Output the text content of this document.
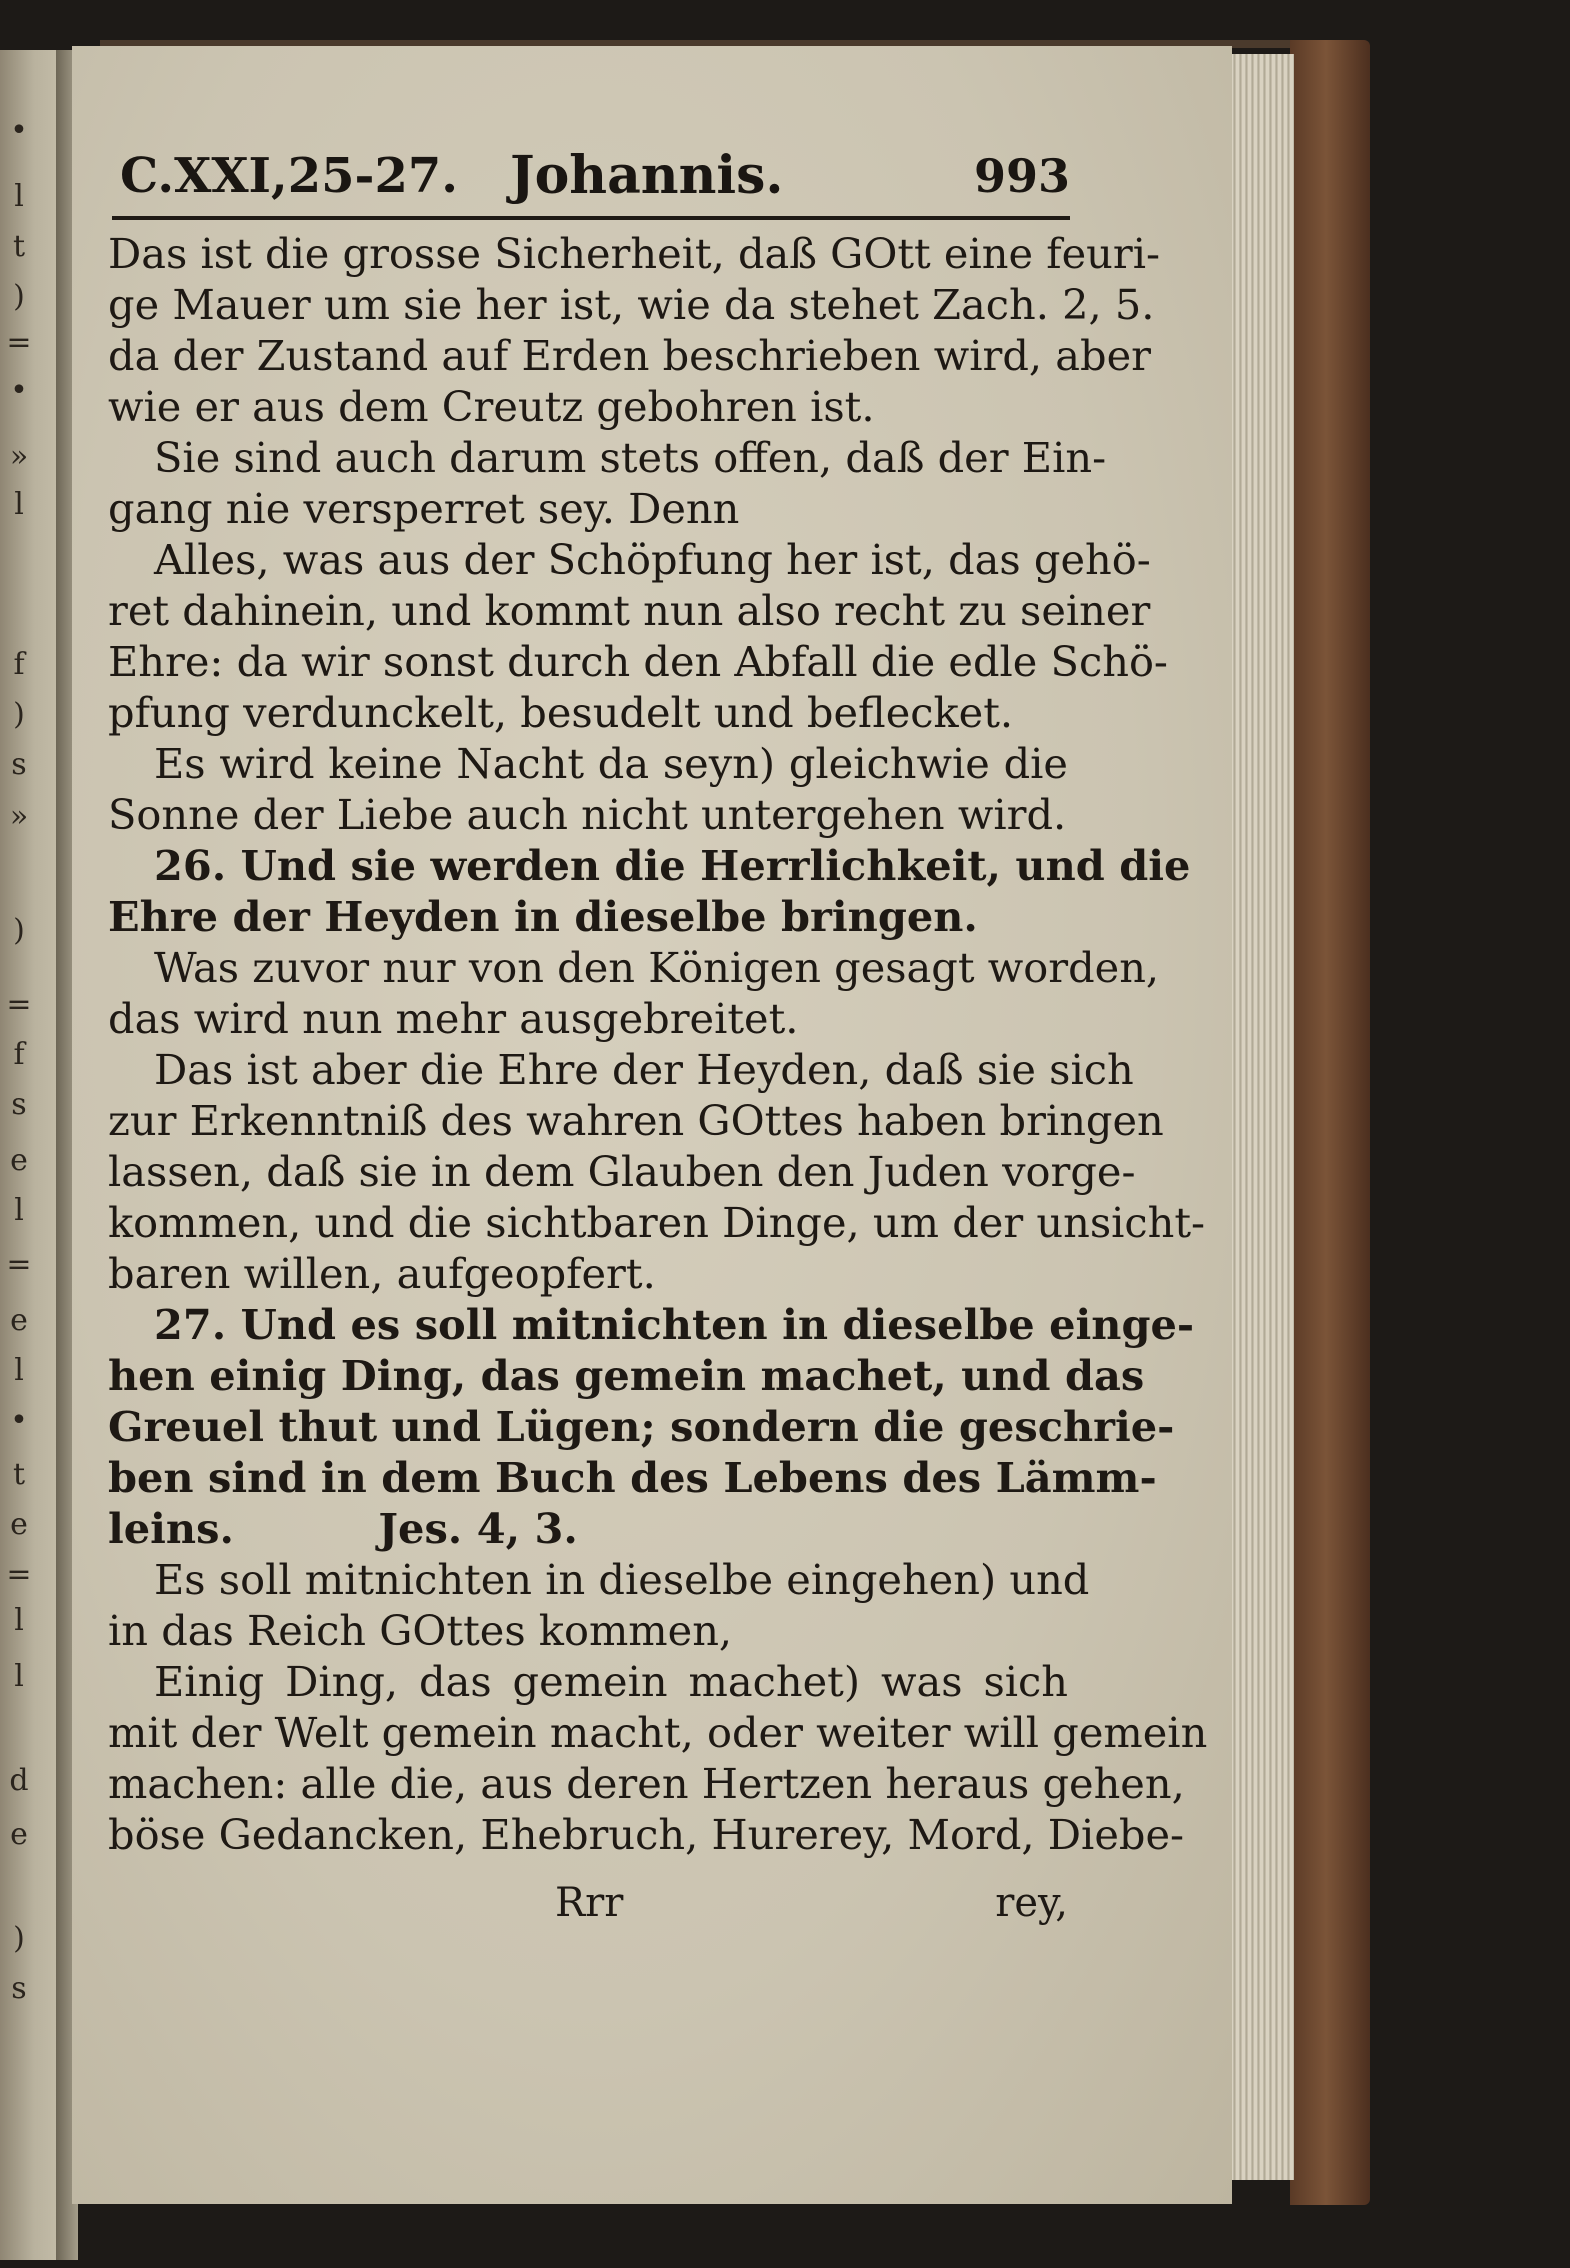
•
l
t
)
=
•
»
l
f
)
s
»
)
=
f
s
e
l
=
e
l
•
t
e
=
l
l
d
e
)
s
C.XXI,25-27. Johannis.	993
Das ist die grosse Sicherheit, daß GOtt eine feuri-
ge Mauer um sie her ist, wie da stehet Zach. 2, 5.
da der Zustand auf Erden beschrieben wird, aber
wie er aus dem Creutz gebohren ist.
Sie sind auch darum stets offen, daß der Ein-
gang nie versperret sey. Denn
Alles, was aus der Schöpfung her ist, das gehö-
ret dahinein, und kommt nun also recht zu seiner
Ehre: da wir sonst durch den Abfall die edle Schö-
pfung verdunckelt, besudelt und beflecket.
Es wird keine Nacht da seyn) gleichwie die
Sonne der Liebe auch nicht untergehen wird.
26. Und sie werden die Herrlichkeit, und die
Ehre der Heyden in dieselbe bringen.
Was zuvor nur von den Königen gesagt worden,
das wird nun mehr ausgebreitet.
Das ist aber die Ehre der Heyden, daß sie sich
zur Erkenntniß des wahren GOttes haben bringen
lassen, daß sie in dem Glauben den Juden vorge-
kommen, und die sichtbaren Dinge, um der unsicht-
baren willen, aufgeopfert.
27. Und es soll mitnichten in dieselbe einge-
hen einig Ding, das gemein machet, und das
Greuel thut und Lügen; sondern die geschrie-
ben sind in dem Buch des Lebens des Lämm-
leins.          Jes. 4, 3.
Es soll mitnichten in dieselbe eingehen) und
in das Reich GOttes kommen,
Einig Ding, das gemein machet) was sich
mit der Welt gemein macht, oder weiter will gemein
machen: alle die, aus deren Hertzen heraus gehen,
böse Gedancken, Ehebruch, Hurerey, Mord, Diebe-
Rrr	rey,
